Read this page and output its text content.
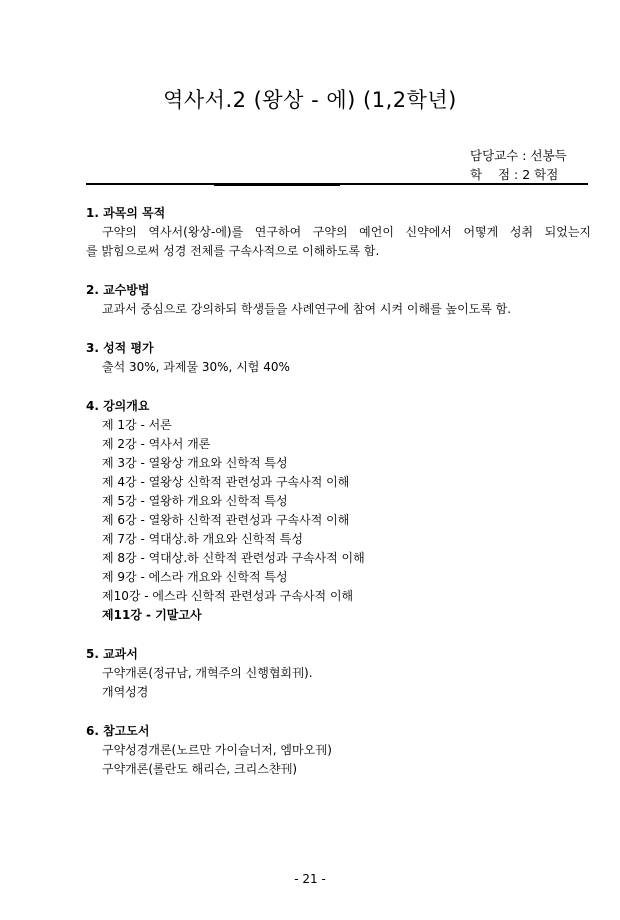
역사서.2 (왕상 - 에) (1,2학년)
담당교수 : 선봉득
학    점 : 2 학점
1. 과목의 목적
구약의 역사서(왕상-에)를 연구하여 구약의 예언이 신약에서 어떻게 성취 되었는지
를 밝힘으로써 성경 전체를 구속사적으로 이해하도록 함.
2. 교수방법
교과서 중심으로 강의하되 학생들을 사례연구에 참여 시켜 이해를 높이도록 함.
3. 성적 평가
출석 30%, 과제물 30%, 시험 40%
4. 강의개요
제 1강 - 서론
제 2강 - 역사서 개론
제 3강 - 열왕상 개요와 신학적 특성
제 4강 - 열왕상 신학적 관련성과 구속사적 이해
제 5강 - 열왕하 개요와 신학적 특성
제 6강 - 열왕하 신학적 관련성과 구속사적 이해
제 7강 - 역대상.하 개요와 신학적 특성
제 8강 - 역대상.하 신학적 관련성과 구속사적 이해
제 9강 - 에스라 개요와 신학적 특성
제10강 - 에스라 신학적 관련성과 구속사적 이해
제11강 - 기말고사
5. 교과서
구약개론(정규남, 개혁주의 신행협회刊).
개역성경
6. 참고도서
구약성경개론(노르만 가이슬너저, 엠마오刊)
구약개론(롤란도 해리슨, 크리스챤刊)
- 21 -
